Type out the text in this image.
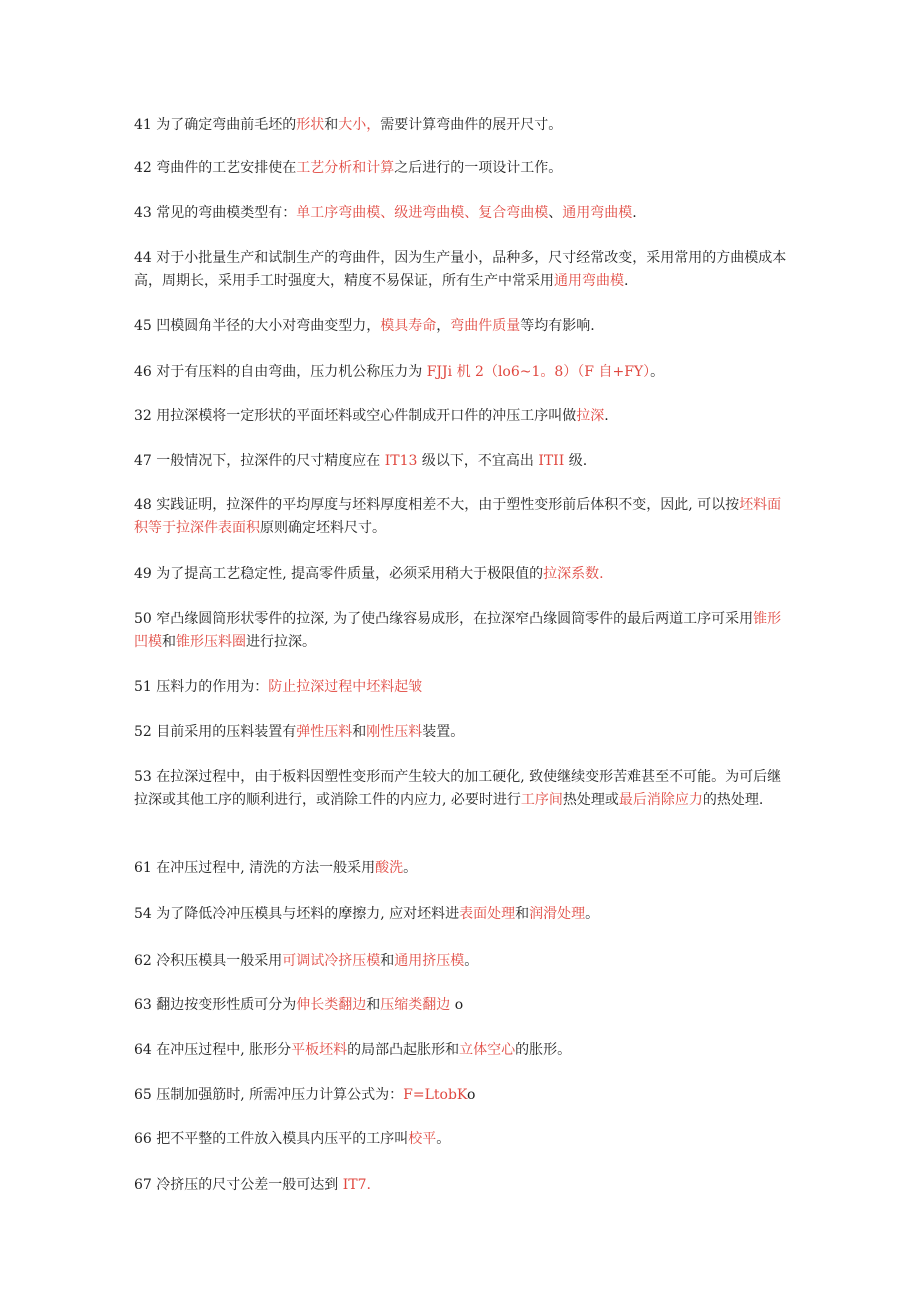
41 为了确定弯曲前毛坯的形状和大小，需要计算弯曲件的展开尺寸。

42 弯曲件的工艺安排使在工艺分析和计算之后进行的一项设计工作。

43 常见的弯曲模类型有：单工序弯曲模、级进弯曲模、复合弯曲模、通用弯曲模.

44 对于小批量生产和试制生产的弯曲件，因为生产量小，品种多，尺寸经常改变，采用常用的方曲模成本高，周期长，采用手工时强度大，精度不易保证，所有生产中常采用通用弯曲模.

45 凹模圆角半径的大小对弯曲变型力，模具寿命，弯曲件质量等均有影响.

46 对于有压料的自由弯曲，压力机公称压力为 FJJi 机 2（lo6~1。8）（F 自+FY）。

32 用拉深模将一定形状的平面坯料或空心件制成开口件的冲压工序叫做拉深.

47 一般情况下，拉深件的尺寸精度应在 IT13 级以下，不宜高出 ITII 级.

48 实践证明，拉深件的平均厚度与坯料厚度相差不大，由于塑性变形前后体积不变，因此, 可以按坯料面积等于拉深件表面积原则确定坯料尺寸。

49 为了提高工艺稳定性, 提高零件质量，必须采用稍大于极限值的拉深系数.

50 窄凸缘圆筒形状零件的拉深, 为了使凸缘容易成形，在拉深窄凸缘圆筒零件的最后两道工序可采用锥形凹模和锥形压料圈进行拉深。

51 压料力的作用为：防止拉深过程中坯料起皱

52 目前采用的压料装置有弹性压料和刚性压料装置。

53 在拉深过程中，由于板料因塑性变形而产生较大的加工硬化, 致使继续变形苦难甚至不可能。为可后继拉深或其他工序的顺利进行，或消除工件的内应力, 必要时进行工序间热处理或最后消除应力的热处理.

61 在冲压过程中, 清洗的方法一般采用酸洗。

54 为了降低冷冲压模具与坯料的摩擦力, 应对坯料进表面处理和润滑处理。

62 冷积压模具一般采用可调试冷挤压模和通用挤压模。

63 翻边按变形性质可分为伸长类翻边和压缩类翻边 o

64 在冲压过程中, 胀形分平板坯料的局部凸起胀形和立体空心的胀形。

65 压制加强筋时, 所需冲压力计算公式为：F=LtobKo

66 把不平整的工件放入模具内压平的工序叫校平。

67 冷挤压的尺寸公差一般可达到 IT7.
